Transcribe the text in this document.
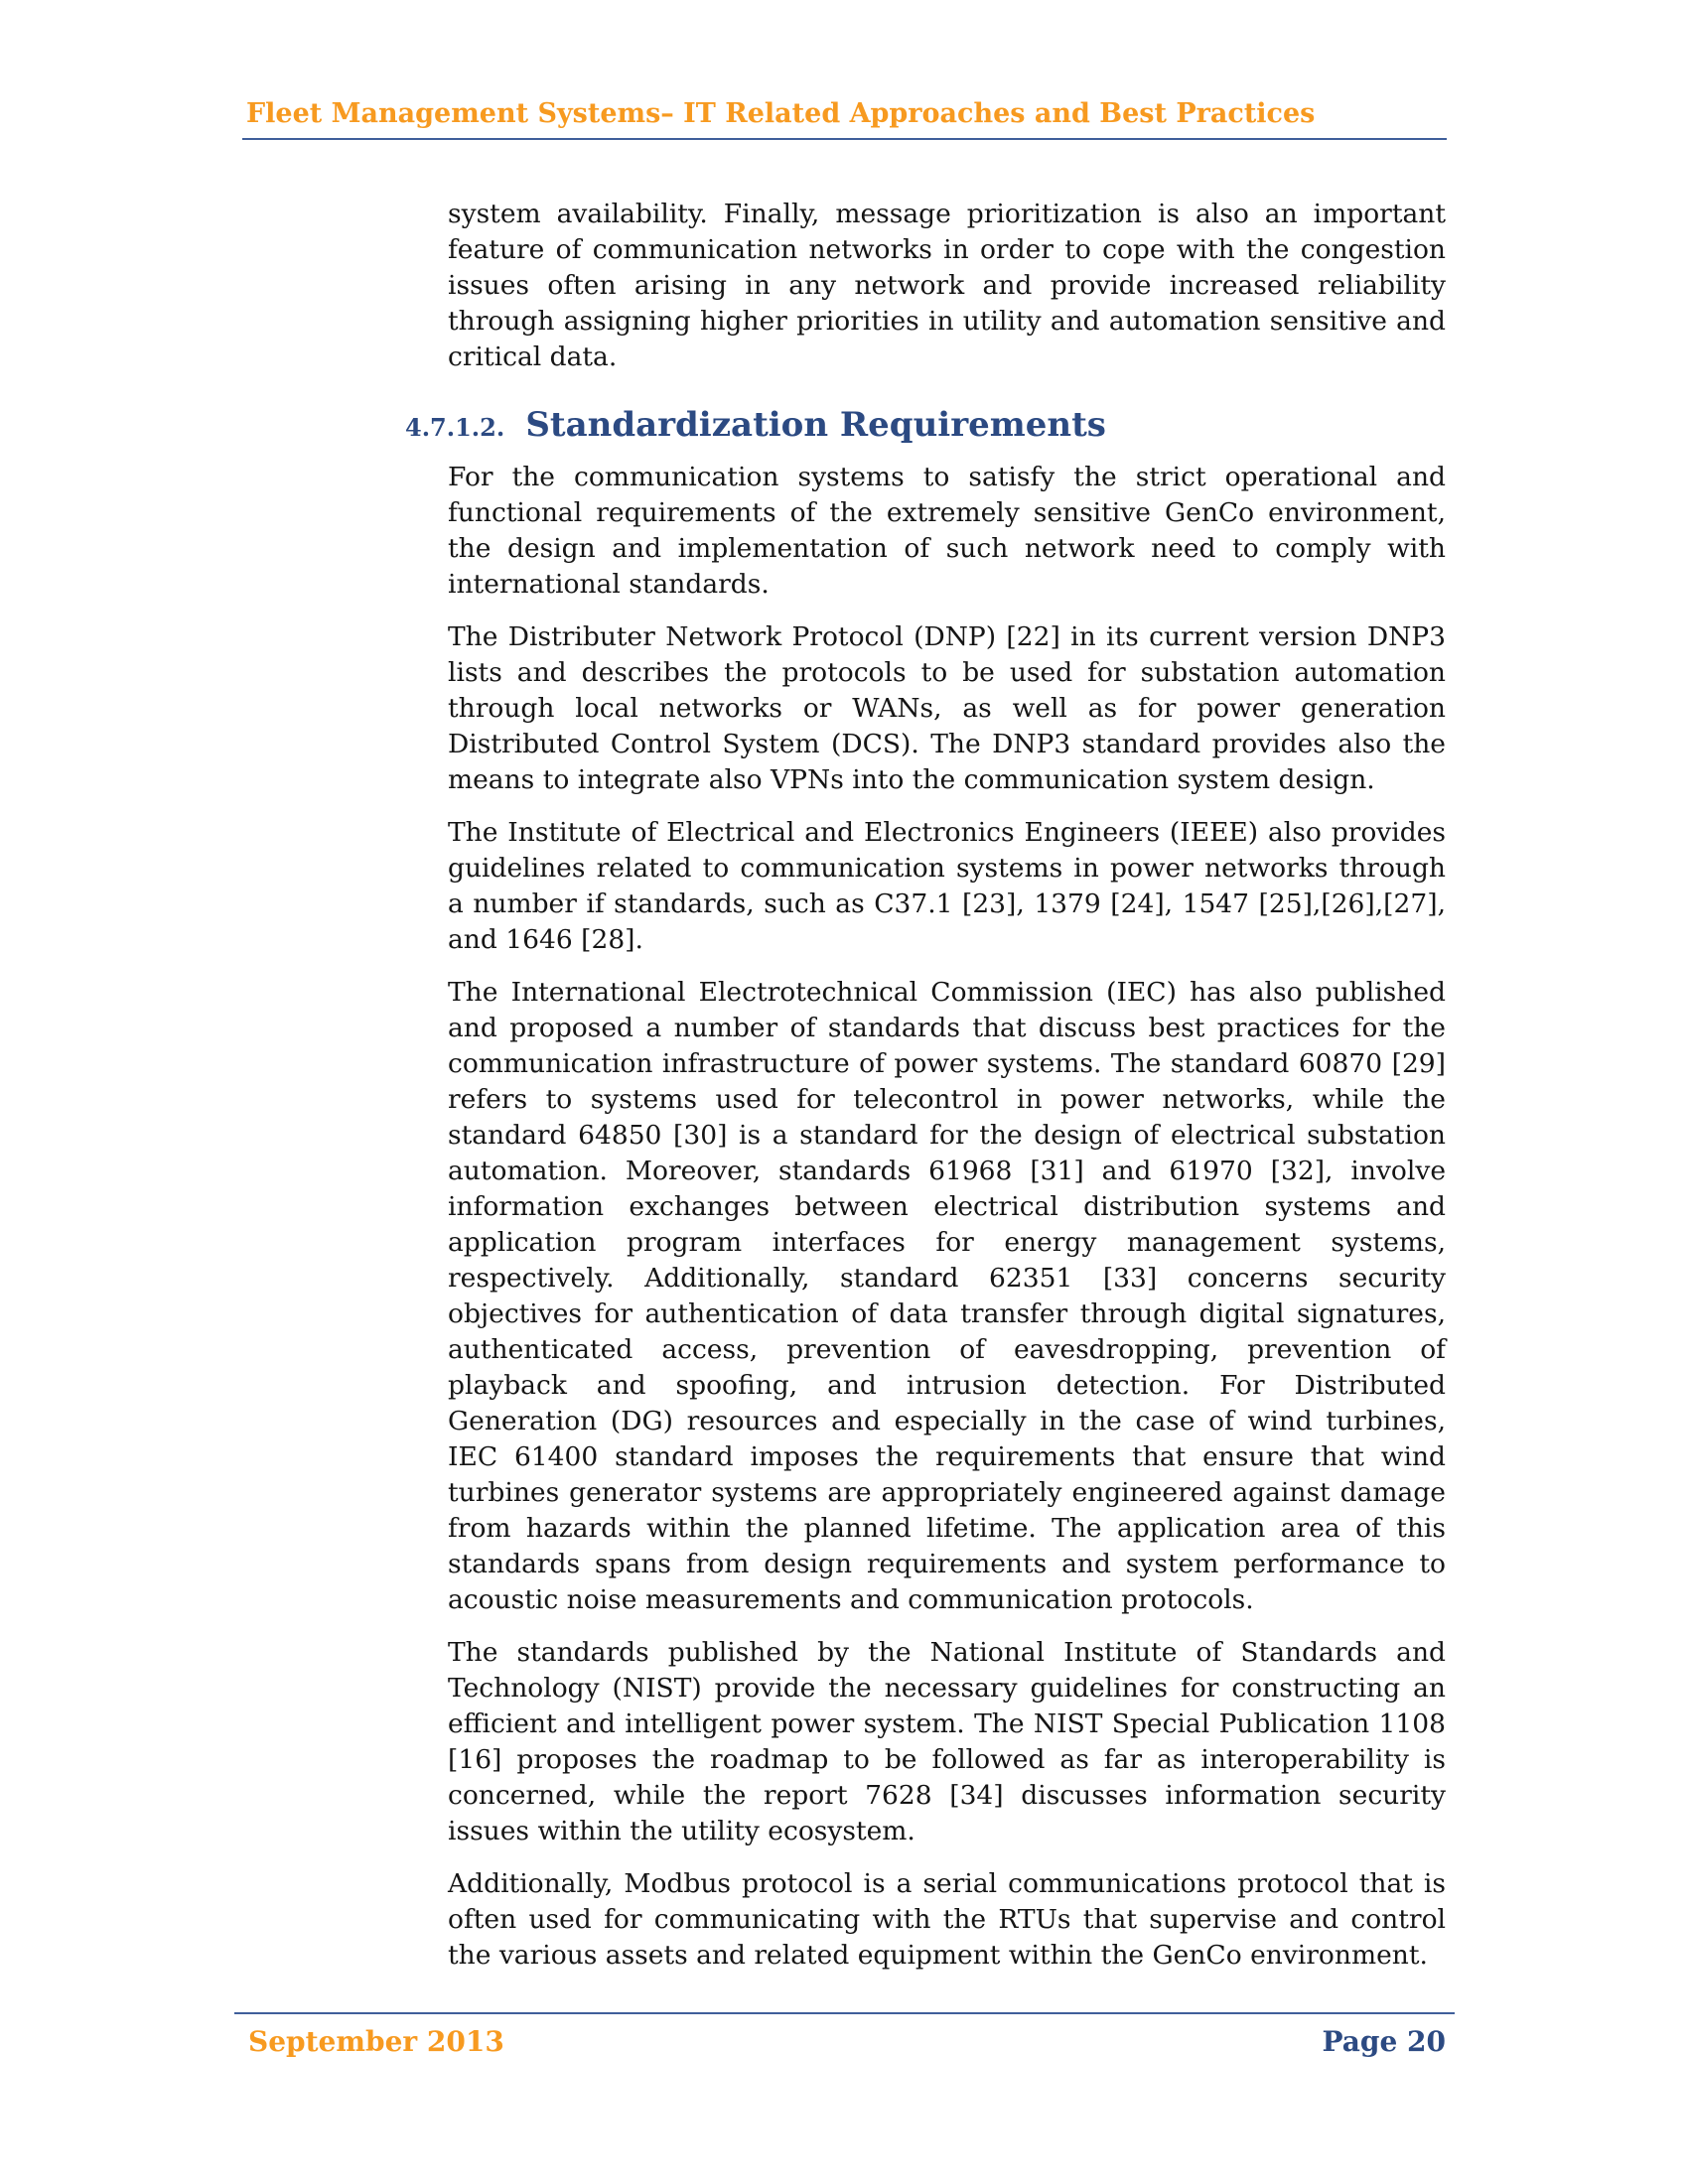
Fleet Management Systems– IT Related Approaches and Best Practices

system availability. Finally, message prioritization is also an important feature of communication networks in order to cope with the congestion issues often arising in any network and provide increased reliability through assigning higher priorities in utility and automation sensitive and critical data.

4.7.1.2. Standardization Requirements

For the communication systems to satisfy the strict operational and functional requirements of the extremely sensitive GenCo environment, the design and implementation of such network need to comply with international standards.

The Distributer Network Protocol (DNP) [22] in its current version DNP3 lists and describes the protocols to be used for substation automation through local networks or WANs, as well as for power generation Distributed Control System (DCS). The DNP3 standard provides also the means to integrate also VPNs into the communication system design.

The Institute of Electrical and Electronics Engineers (IEEE) also provides guidelines related to communication systems in power networks through a number if standards, such as C37.1 [23], 1379 [24], 1547 [25],[26],[27], and 1646 [28].

The International Electrotechnical Commission (IEC) has also published and proposed a number of standards that discuss best practices for the communication infrastructure of power systems. The standard 60870 [29] refers to systems used for telecontrol in power networks, while the standard 64850 [30] is a standard for the design of electrical substation automation. Moreover, standards 61968 [31] and 61970 [32], involve information exchanges between electrical distribution systems and application program interfaces for energy management systems, respectively. Additionally, standard 62351 [33] concerns security objectives for authentication of data transfer through digital signatures, authenticated access, prevention of eavesdropping, prevention of playback and spoofing, and intrusion detection. For Distributed Generation (DG) resources and especially in the case of wind turbines, IEC 61400 standard imposes the requirements that ensure that wind turbines generator systems are appropriately engineered against damage from hazards within the planned lifetime. The application area of this standards spans from design requirements and system performance to acoustic noise measurements and communication protocols.

The standards published by the National Institute of Standards and Technology (NIST) provide the necessary guidelines for constructing an efficient and intelligent power system. The NIST Special Publication 1108 [16] proposes the roadmap to be followed as far as interoperability is concerned, while the report 7628 [34] discusses information security issues within the utility ecosystem.

Additionally, Modbus protocol is a serial communications protocol that is often used for communicating with the RTUs that supervise and control the various assets and related equipment within the GenCo environment.

September 2013	Page 20
